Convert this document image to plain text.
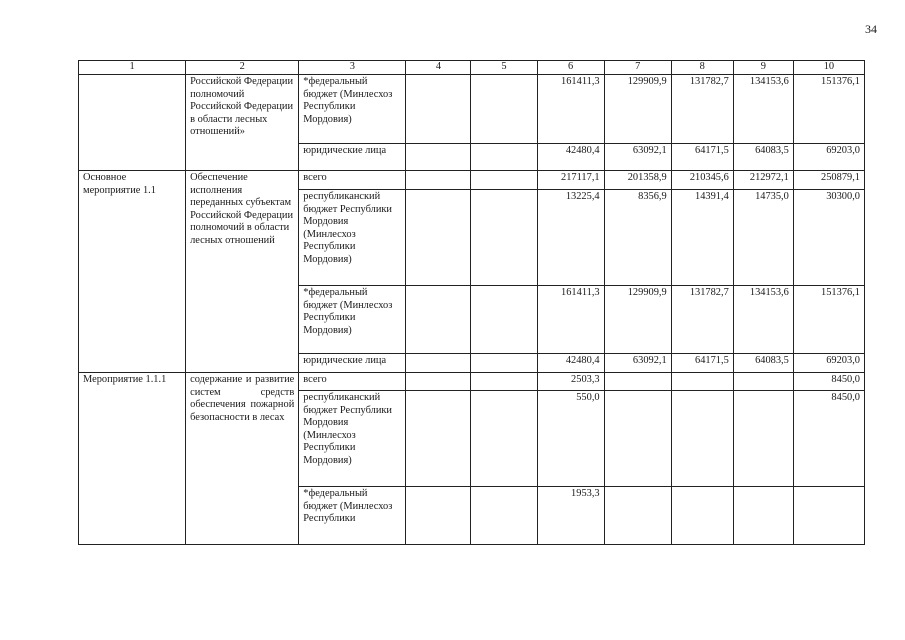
34
1	2	3	4	5	6	7	8	9	10
	Российской Федерации полномочий Российской Федерации в области лесных отношений»	*федеральный бюджет (Минлесхоз Республики Мордовия)			161411,3	129909,9	131782,7	134153,6	151376,1
		юридические лица			42480,4	63092,1	64171,5	64083,5	69203,0
Основное мероприятие 1.1	Обеспечение исполнения переданных субъектам Российской Федерации полномочий в области лесных отношений	всего			217117,1	201358,9	210345,6	212972,1	250879,1
		республиканский бюджет Республики Мордовия (Минлесхоз Республики Мордовия)			13225,4	8356,9	14391,4	14735,0	30300,0
		*федеральный бюджет (Минлесхоз Республики Мордовия)			161411,3	129909,9	131782,7	134153,6	151376,1
		юридические лица			42480,4	63092,1	64171,5	64083,5	69203,0
Мероприятие 1.1.1	содержание и развитие систем средств обеспечения пожарной безопасности в лесах	всего			2503,3				8450,0
		республиканский бюджет Республики Мордовия (Минлесхоз Республики Мордовия)			550,0				8450,0
		*федеральный бюджет (Минлесхоз Республики			1953,3				
